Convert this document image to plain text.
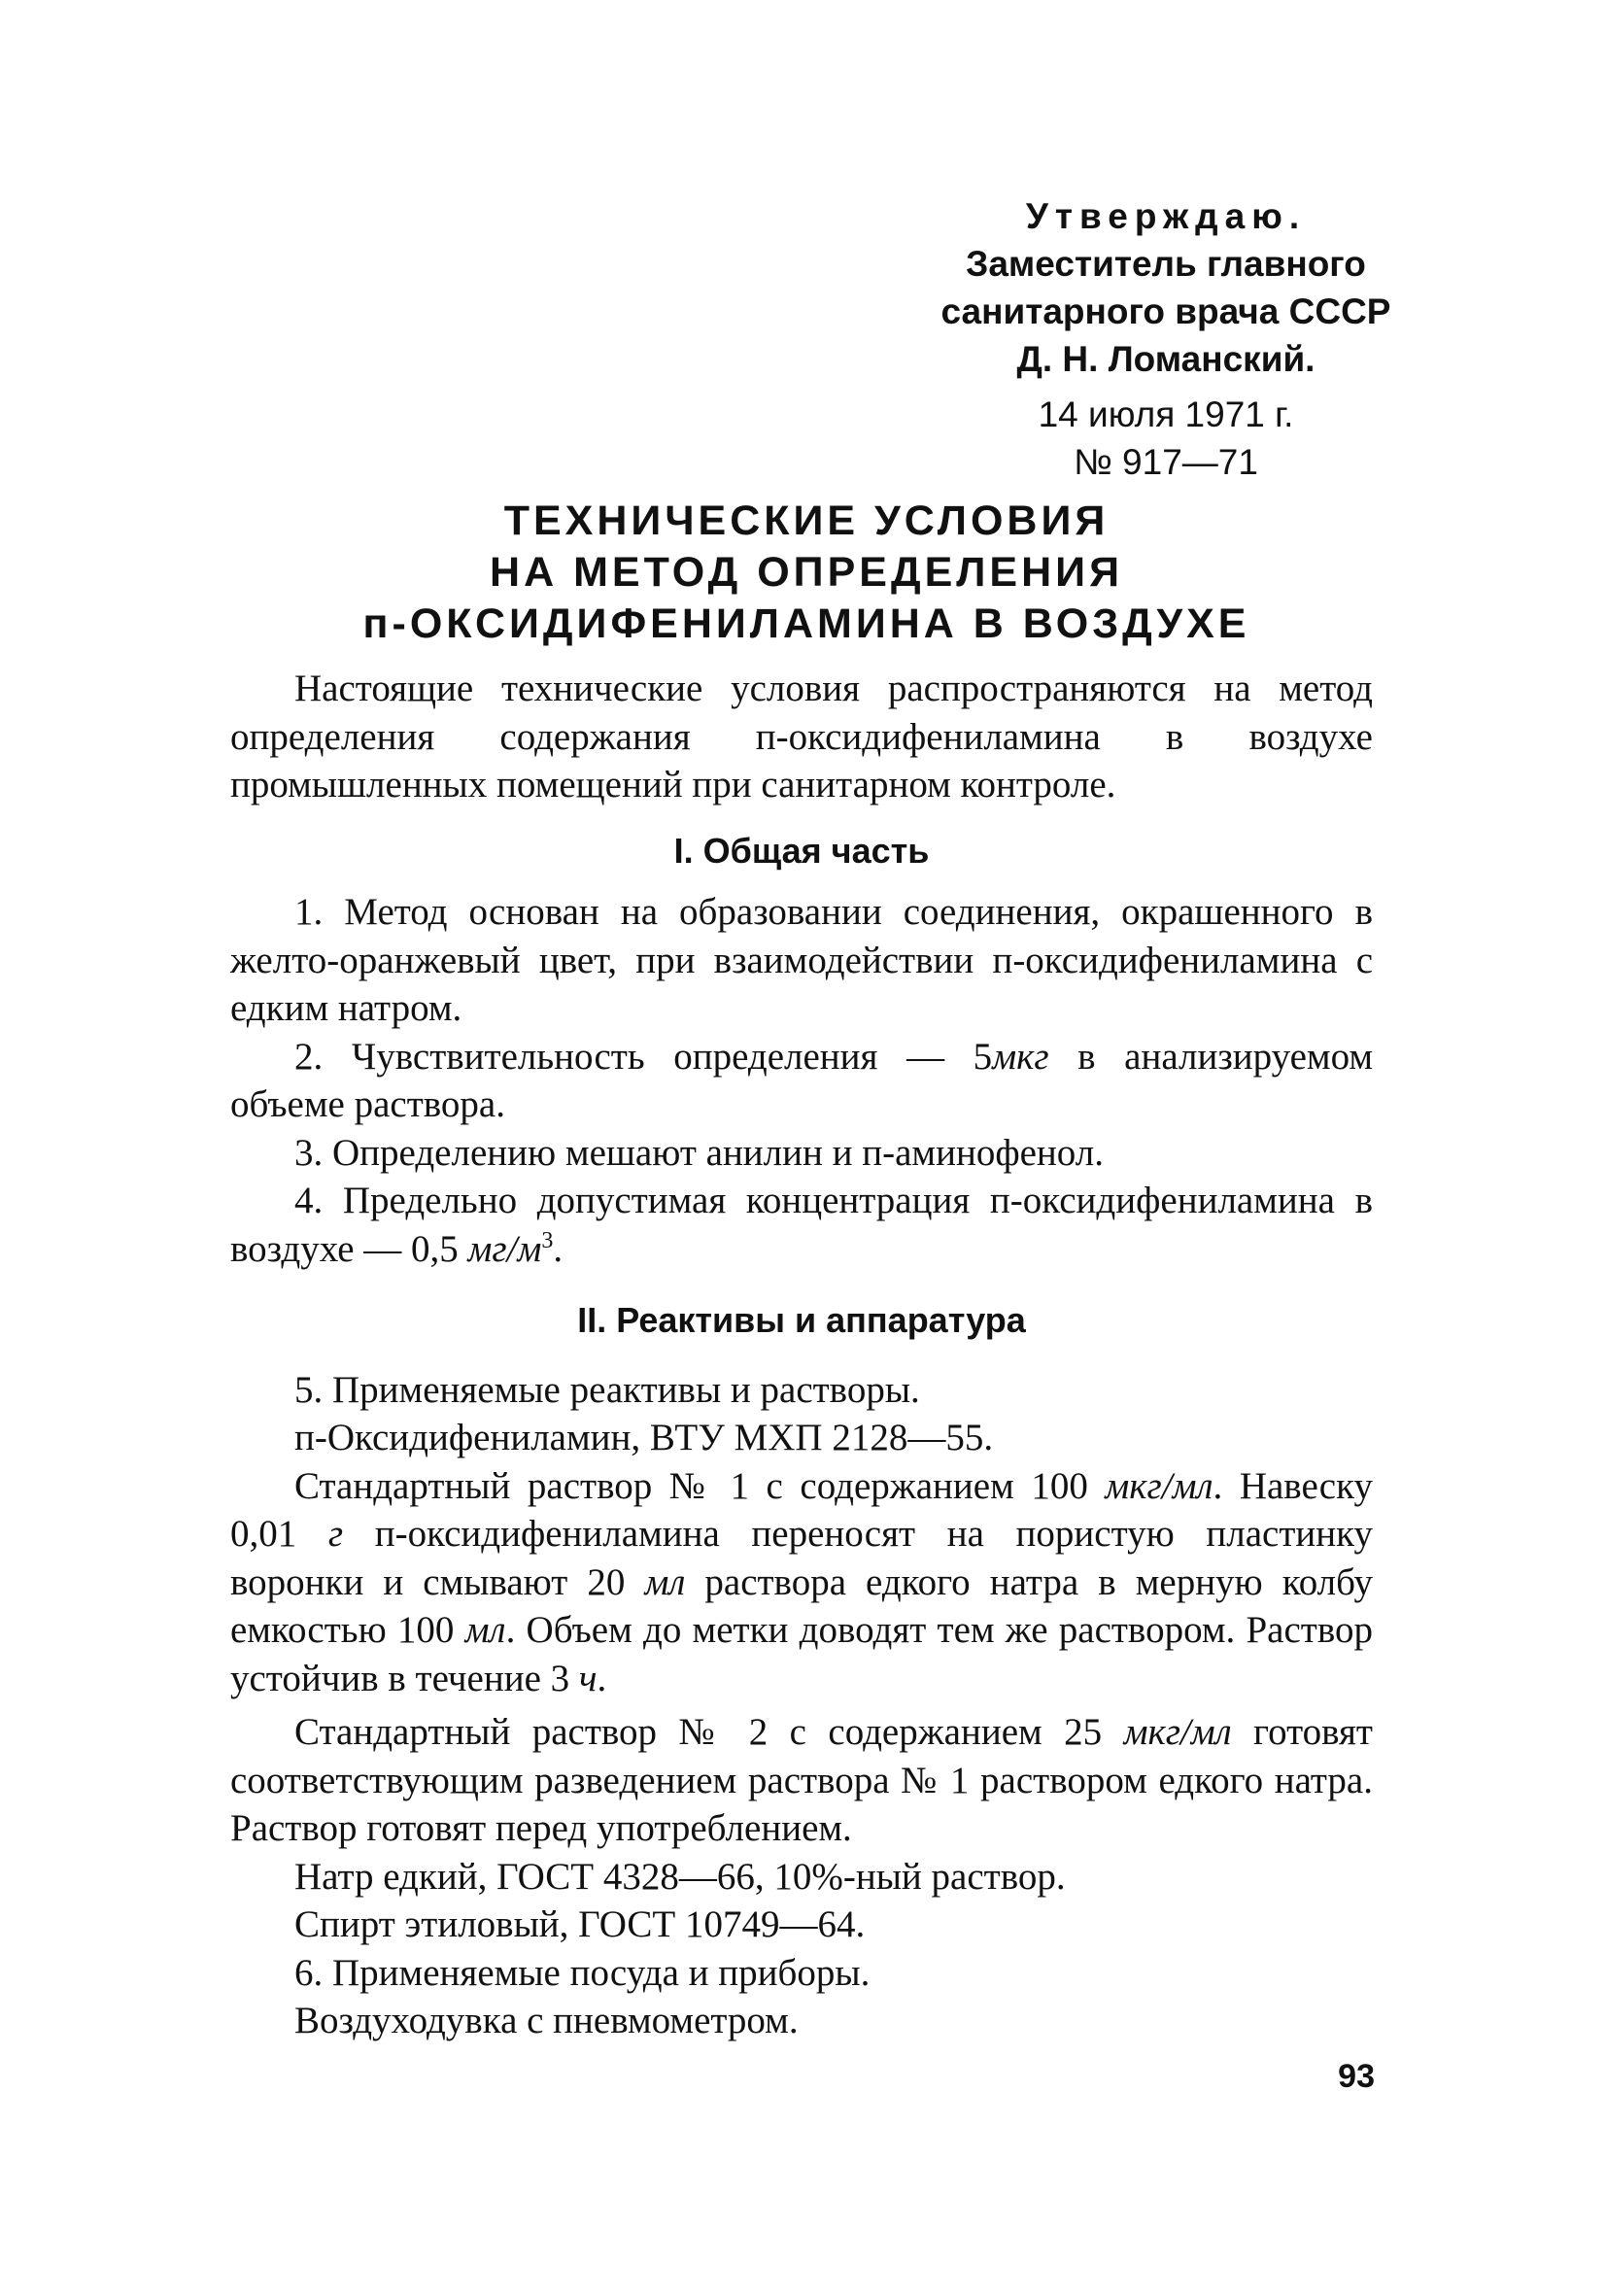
Утверждаю.
Заместитель главного
санитарного врача СССР
Д. Н. Ломанский.
14 июля 1971 г.
№ 917—71
ТЕХНИЧЕСКИЕ УСЛОВИЯ
НА МЕТОД ОПРЕДЕЛЕНИЯ
п-ОКСИДИФЕНИЛАМИНА В ВОЗДУХЕ

Настоящие технические условия распространяются на метод определения содержания п-оксидифениламина в воздухе промышленных помещений при санитарном контроле.

I. Общая часть

1. Метод основан на образовании соединения, окрашенного в желто-оранжевый цвет, при взаимодействии п-оксидифениламина с едким натром.

2. Чувствительность определения — 5мкг в анализируемом объеме раствора.

3. Определению мешают анилин и п-аминофенол.

4. Предельно допустимая концентрация п-оксидифениламина в воздухе — 0,5 $мг/м^3$.

II. Реактивы и аппаратура

5. Применяемые реактивы и растворы.

п-Оксидифениламин, ВТУ МХП 2128—55.

Стандартный раствор № 1 с содержанием 100 мкг/мл. Навеску 0,01 г п-оксидифениламина переносят на пористую пластинку воронки и смывают 20 мл раствора едкого натра в мерную колбу емкостью 100 мл. Объем до метки доводят тем же раствором. Раствор устойчив в течение 3 ч.

Стандартный раствор № 2 с содержанием 25 мкг/мл готовят соответствующим разведением раствора № 1 раствором едкого натра. Раствор готовят перед употреблением.

Натр едкий, ГОСТ 4328—66, 10%-ный раствор.

Спирт этиловый, ГОСТ 10749—64.

6. Применяемые посуда и приборы.

Воздуходувка с пневмометром.

93
